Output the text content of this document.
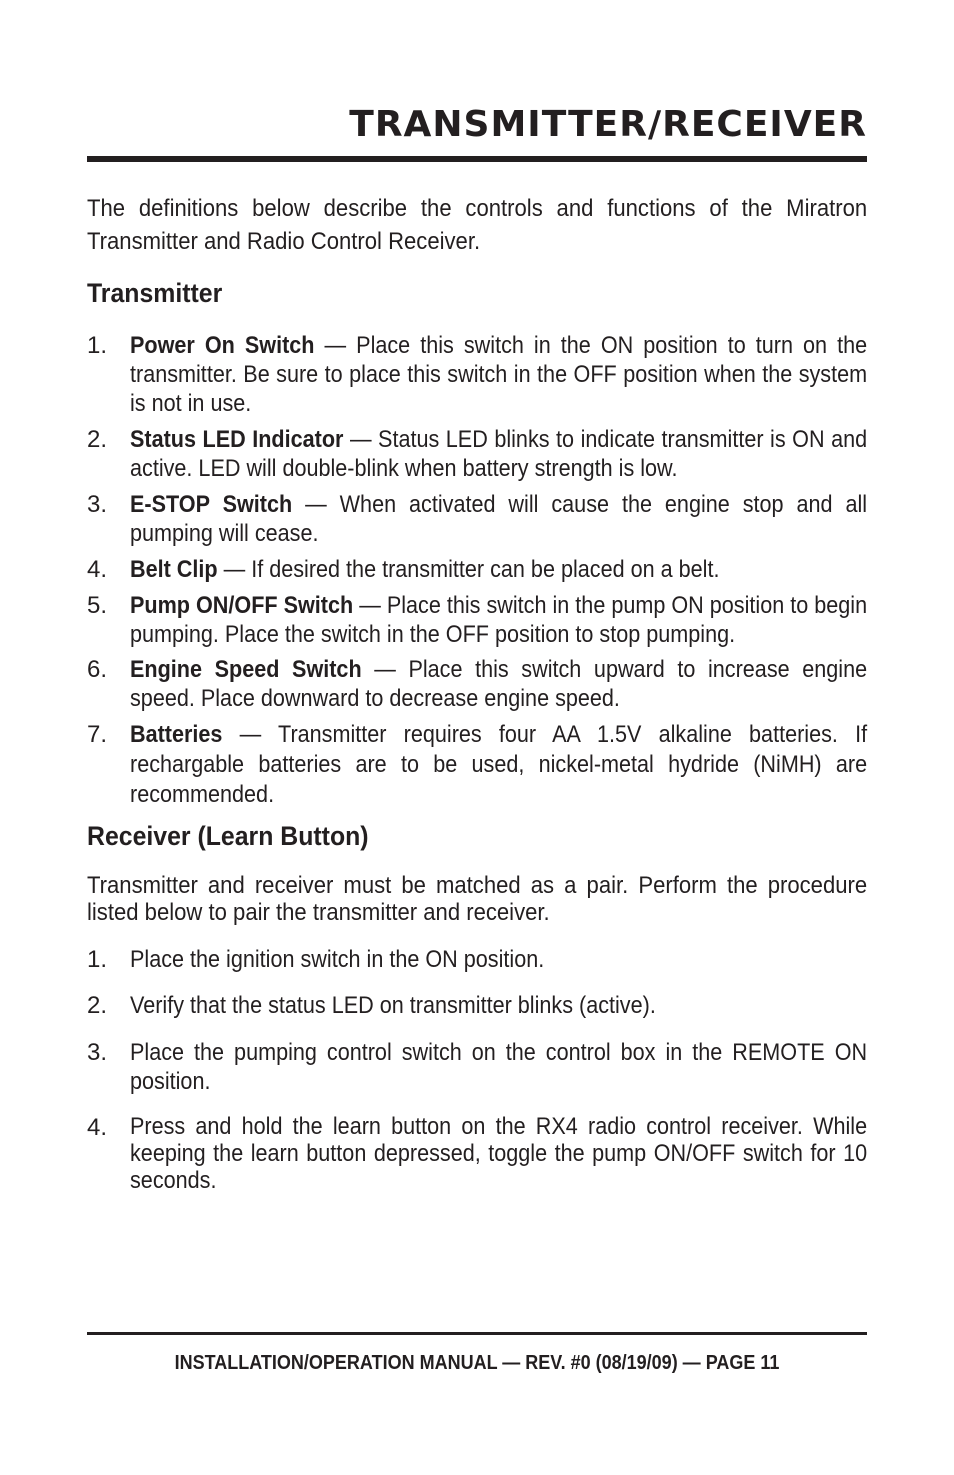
TRANSMITTER/RECEIVER
The definitions below describe the controls and functions of the Miratron Transmitter and Radio Control Receiver.
Transmitter
1. Power On Switch — Place this switch in the ON position to turn on the transmitter. Be sure to place this switch in the OFF position when the system is not in use.
2. Status LED Indicator — Status LED blinks to indicate transmitter is ON and active. LED will double-blink when battery strength is low.
3. E-STOP Switch — When activated will cause the engine stop and all pumping will cease.
4. Belt Clip — If desired the transmitter can be placed on a belt.
5. Pump ON/OFF Switch — Place this switch in the pump ON position to begin pumping. Place the switch in the OFF position to stop pumping.
6. Engine Speed Switch — Place this switch upward to increase engine speed. Place downward to decrease engine speed.
7. Batteries — Transmitter requires four AA 1.5V alkaline batteries. If rechargable batteries are to be used, nickel-metal hydride (NiMH) are recommended.
Receiver (Learn Button)
Transmitter and receiver must be matched as a pair. Perform the procedure listed below to pair the transmitter and receiver.
1. Place the ignition switch in the ON position.
2. Verify that the status LED on transmitter blinks (active).
3. Place the pumping control switch on the control box in the REMOTE ON position.
4. Press and hold the learn button on the RX4 radio control receiver. While keeping the learn button depressed, toggle the pump ON/OFF switch for 10 seconds.
INSTALLATION/OPERATION MANUAL — REV. #0 (08/19/09) — PAGE 11
